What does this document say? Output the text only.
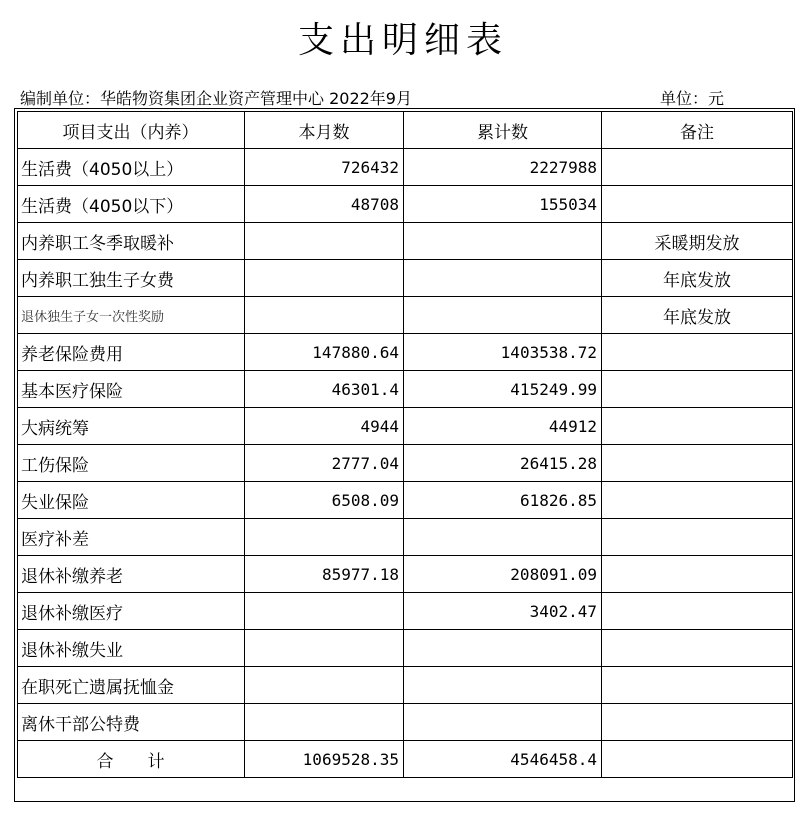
支出明细表
编制单位：华皓物资集团企业资产管理中心 2022年9月	单位：元
项目支出（内养）	本月数	累计数	备注
生活费（4050以上）	726432	2227988	
生活费（4050以下）	48708	155034	
内养职工冬季取暖补			采暖期发放
内养职工独生子女费			年底发放
退休独生子女一次性奖励			年底发放
养老保险费用	147880.64	1403538.72	
基本医疗保险	46301.4	415249.99	
大病统筹	4944	44912	
工伤保险	2777.04	26415.28	
失业保险	6508.09	61826.85	
医疗补差			
退休补缴养老	85977.18	208091.09	
退休补缴医疗		3402.47	
退休补缴失业			
在职死亡遗属抚恤金			
离休干部公特费			
合　　计	1069528.35	4546458.4	
